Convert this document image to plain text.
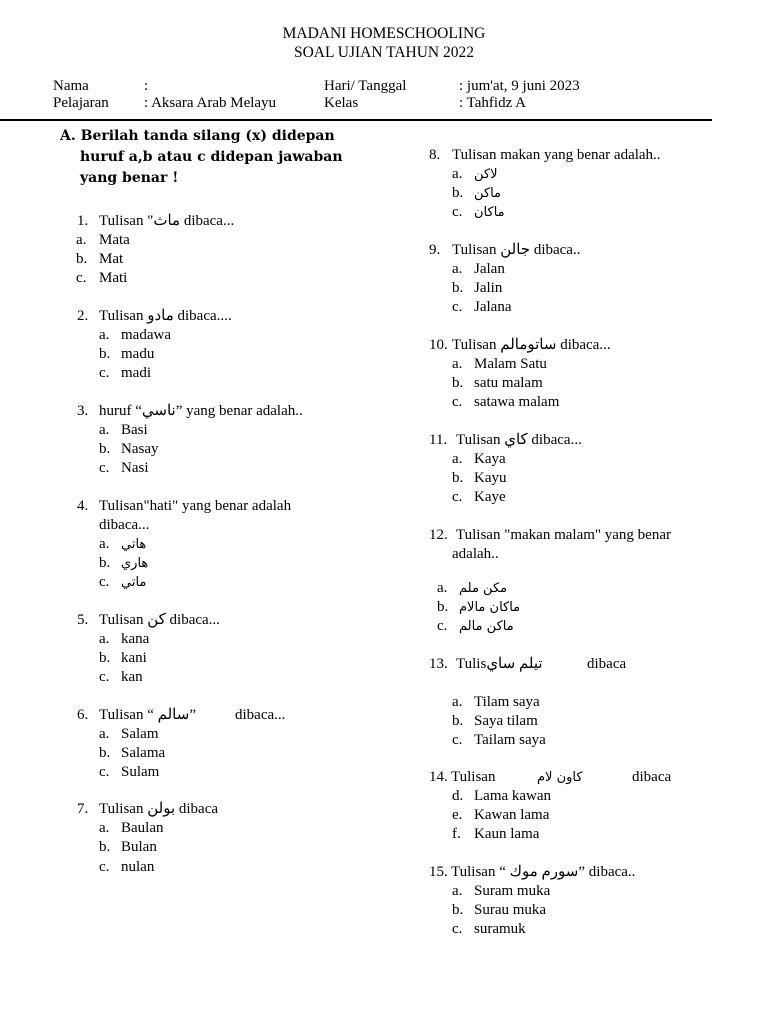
MADANI HOMESCHOOLING
SOAL UJIAN TAHUN 2022
Nama	:	Hari/ Tanggal	: jum'at, 9 juni 2023
Pelajaran : Aksara Arab Melayu	Kelas	: Tahfidz A
A. Berilah tanda silang (x) didepan
huruf a,b atau c didepan jawaban
yang benar !
1. Tulisan "ماث dibaca...
a. Mata
b. Mat
c. Mati
2. Tulisan مادو dibaca....
a. madawa
b. madu
c. madi
3. huruf “ناسي” yang benar adalah..
a. Basi
b. Nasay
c. Nasi
4. Tulisan"hati" yang benar adalah
dibaca...
a. هاتي
b. هاري
c. ماتي
5. Tulisan كن dibaca...
a. kana
b. kani
c. kan
6. Tulisan “ سالم”	dibaca...
a. Salam
b. Salama
c. Sulam
7. Tulisan بولن dibaca
a. Baulan
b. Bulan
c. nulan
8. Tulisan makan yang benar adalah..
a. لاكن
b. ماكن
c. ماكان
9. Tulisan جالن dibaca..
a. Jalan
b. Jalin
c. Jalana
10. Tulisan ساتومالم dibaca...
a. Malam Satu
b. satu malam
c. satawa malam
11. Tulisan كاي dibaca...
a. Kaya
b. Kayu
c. Kaye
12. Tulisan "makan malam" yang benar
adalah..
a. مكن ملم
b. ماكان مالام
c. ماكن مالم
13. Tulisتيلم ساي	dibaca
a. Tilam saya
b. Saya tilam
c. Tailam saya
14. Tulisan	كاون لام	dibaca
d. Lama kawan
e. Kawan lama
f. Kaun lama
15. Tulisan “ سورم موك” dibaca..
a. Suram muka
b. Surau muka
c. suramuk
